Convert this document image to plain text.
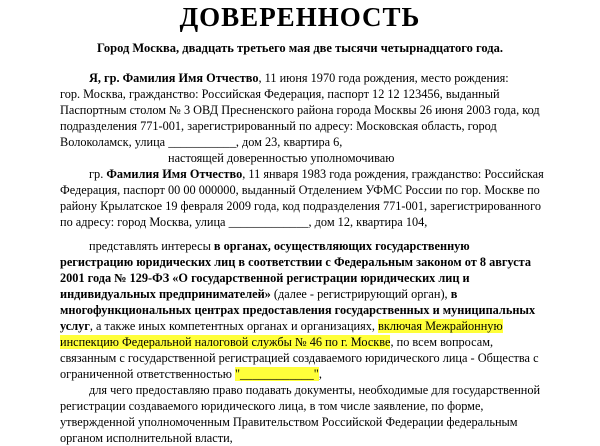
ДОВЕРЕННОСТЬ
Город Москва, двадцать третьего мая две тысячи четырнадцатого года.
Я, гр. Фамилия Имя Отчество, 11 июня 1970 года рождения, место рождения:
гор. Москва, гражданство: Российская Федерация, паспорт 12 12 123456, выданный
Паспортным столом № 3 ОВД Пресненского района города Москвы 26 июня 2003 года, код
подразделения 771-001, зарегистрированный по адресу: Московская область, город
Волоколамск, улица ___________, дом 23, квартира 6,
настоящей доверенностью уполномочиваю
гр. Фамилия Имя Отчество, 11 января 1983 года рождения, гражданство: Российская
Федерация, паспорт 00 00 000000, выданный Отделением УФМС России по гор. Москве по
району Крылатское 19 февраля 2009 года, код подразделения 771-001, зарегистрированного
по адресу: город Москва, улица _____________, дом 12, квартира 104,
представлять интересы в органах, осуществляющих государственную
регистрацию юридических лиц в соответствии с Федеральным законом от 8 августа
2001 года № 129-ФЗ «О государственной регистрации юридических лиц и
индивидуальных предпринимателей» (далее - регистрирующий орган), в
многофункциональных центрах предоставления государственных и муниципальных
услуг, а также иных компетентных органах и организациях, включая Межрайонную
инспекцию Федеральной налоговой службы № 46 по г. Москве, по всем вопросам,
связанным с государственной регистрацией создаваемого юридического лица - Общества с
ограниченной ответственностью "____________",
для чего предоставляю право подавать документы, необходимые для государственной
регистрации создаваемого юридического лица, в том числе заявление, по форме,
утвержденной уполномоченным Правительством Российской Федерации федеральным
органом исполнительной власти,
